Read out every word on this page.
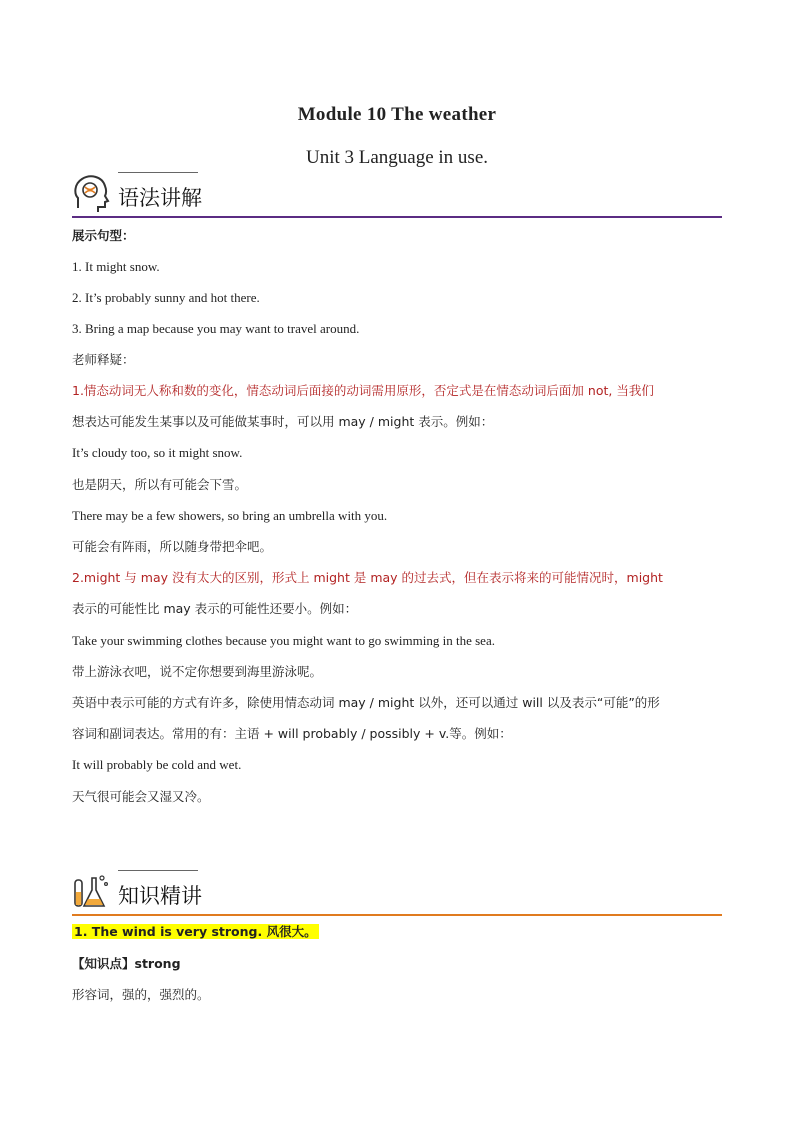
Module 10 The weather
Unit 3 Language in use.
语法讲解
展示句型：
1. It might snow.
2. It’s probably sunny and hot there.
3. Bring a map because you may want to travel around.
老师释疑：
1.情态动词无人称和数的变化，情态动词后面接的动词需用原形，否定式是在情态动词后面加 not, 当我们
想表达可能发生某事以及可能做某事时，可以用 may / might 表示。例如：
It’s cloudy too, so it might snow.
也是阴天，所以有可能会下雪。
There may be a few showers, so bring an umbrella with you.
可能会有阵雨，所以随身带把伞吧。
2.might 与 may 没有太大的区别，形式上 might 是 may 的过去式，但在表示将来的可能情况时，might
表示的可能性比 may 表示的可能性还要小。例如：
Take your swimming clothes because you might want to go swimming in the sea.
带上游泳衣吧，说不定你想要到海里游泳呢。
英语中表示可能的方式有许多，除使用情态动词 may / might 以外，还可以通过 will 以及表示“可能”的形
容词和副词表达。常用的有：主语 + will probably / possibly + v.等。例如：
It will probably be cold and wet.
天气很可能会又湿又冷。
知识精讲
1. The wind is very strong. 风很大。
【知识点】strong
形容词，强的，强烈的。
